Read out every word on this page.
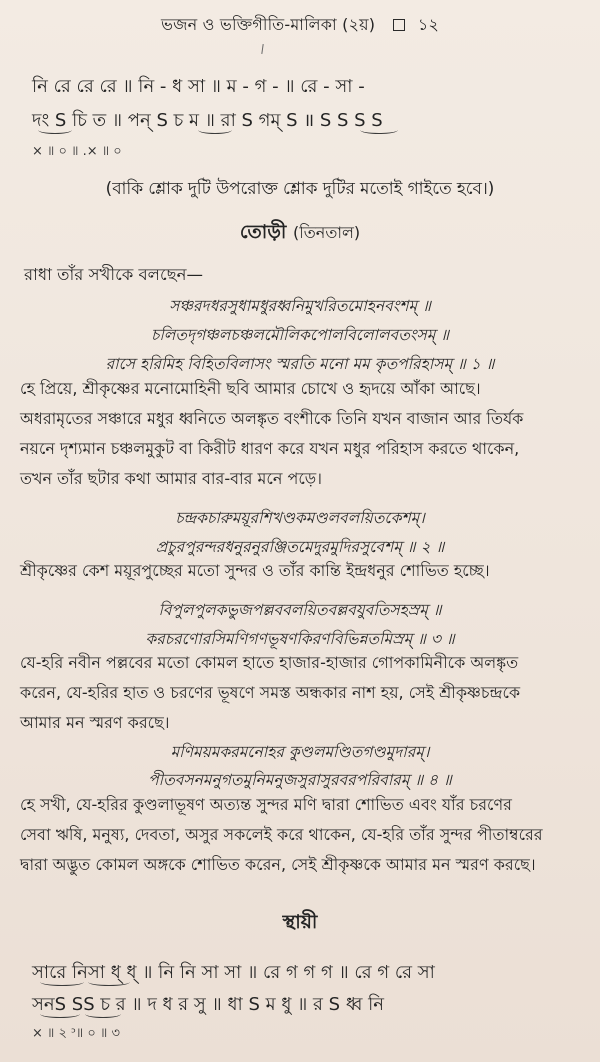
ভজন ও ভক্তিগীতি-মালিকা (২য়)	১২
নি রে রে রে ॥ নি - ধ সা ॥ ম - গ - ॥ রে - সা -
দং S চি ত ॥ পন্ S চ ম ॥ রা S গম্ S ॥ S S S S
× ॥ ০ ॥ .× ॥ ০
(বাকি শ্লোক দুটি উপরোক্ত শ্লোক দুটির মতোই গাইতে হবে।)
তোড়ী (তিনতাল)
রাধা তাঁর সখীকে বলছেন—
সঞ্চরদধরসুধামধুরধ্বনিমুখরিতমোহনবংশম্ ॥
চলিতদৃগঞ্চলচঞ্চলমৌলিকপোলবিলোলবতংসম্ ॥
রাসে হরিমিহ বিহিতবিলাসং স্মরতি মনো মম কৃতপরিহাসম্ ॥ ১ ॥
হে প্রিয়ে, শ্রীকৃষ্ণের মনোমোহিনী ছবি আমার চোখে ও হৃদয়ে আঁকা আছে।
অধরামৃতের সঞ্চারে মধুর ধ্বনিতে অলঙ্কৃত বংশীকে তিনি যখন বাজান আর তির্যক
নয়নে দৃশ্যমান চঞ্চলমুকুট বা কিরীট ধারণ করে যখন মধুর পরিহাস করতে থাকেন,
তখন তাঁর ছটার কথা আমার বার-বার মনে পড়ে।
চন্দ্রকচারুময়ূরশিখণ্ডকমণ্ডলবলয়িতকেশম্।
প্রচুরপুরন্দরধনুরনুরঞ্জিতমেদুরমুদিরসুবেশম্ ॥ ২ ॥
শ্রীকৃষ্ণের কেশ ময়ূরপুচ্ছের মতো সুন্দর ও তাঁর কান্তি ইন্দ্রধনুর শোভিত হচ্ছে।
বিপুলপুলকভুজপল্লববলয়িতবল্লবযুবতিসহস্রম্ ॥
করচরণোরসিমণিগণভূষণকিরণবিভিন্নতমিস্রম্ ॥ ৩ ॥
যে-হরি নবীন পল্লবের মতো কোমল হাতে হাজার-হাজার গোপকামিনীকে অলঙ্কৃত
করেন, যে-হরির হাত ও চরণের ভূষণে সমস্ত অন্ধকার নাশ হয়, সেই শ্রীকৃষ্ণচন্দ্রকে
আমার মন স্মরণ করছে।
মণিময়মকরমনোহর কুণ্ডলমণ্ডিতগণ্ডমুদারম্।
পীতবসনমনুগতমুনিমনুজসুরাসুরবরপরিবারম্ ॥ ৪ ॥
হে সখী, যে-হরির কুণ্ডলাভূষণ অত্যন্ত সুন্দর মণি দ্বারা শোভিত এবং যাঁর চরণের
সেবা ঋষি, মনুষ্য, দেবতা, অসুর সকলেই করে থাকেন, যে-হরি তাঁর সুন্দর পীতাম্বরের
দ্বারা অদ্ভুত কোমল অঙ্গকে শোভিত করেন, সেই শ্রীকৃষ্ণকে আমার মন স্মরণ করছে।
স্থায়ী
সারে নিসা ধ্ ধ্ ॥ নি নি সা সা ॥ রে গ গ গ ॥ রে গ রে সা
সনS SS চ র ॥ দ ধ র সু ॥ ধা S ম ধু ॥ র S ধ্ব নি
× ॥ ২ ᵓ॥ ০ ॥ ৩
